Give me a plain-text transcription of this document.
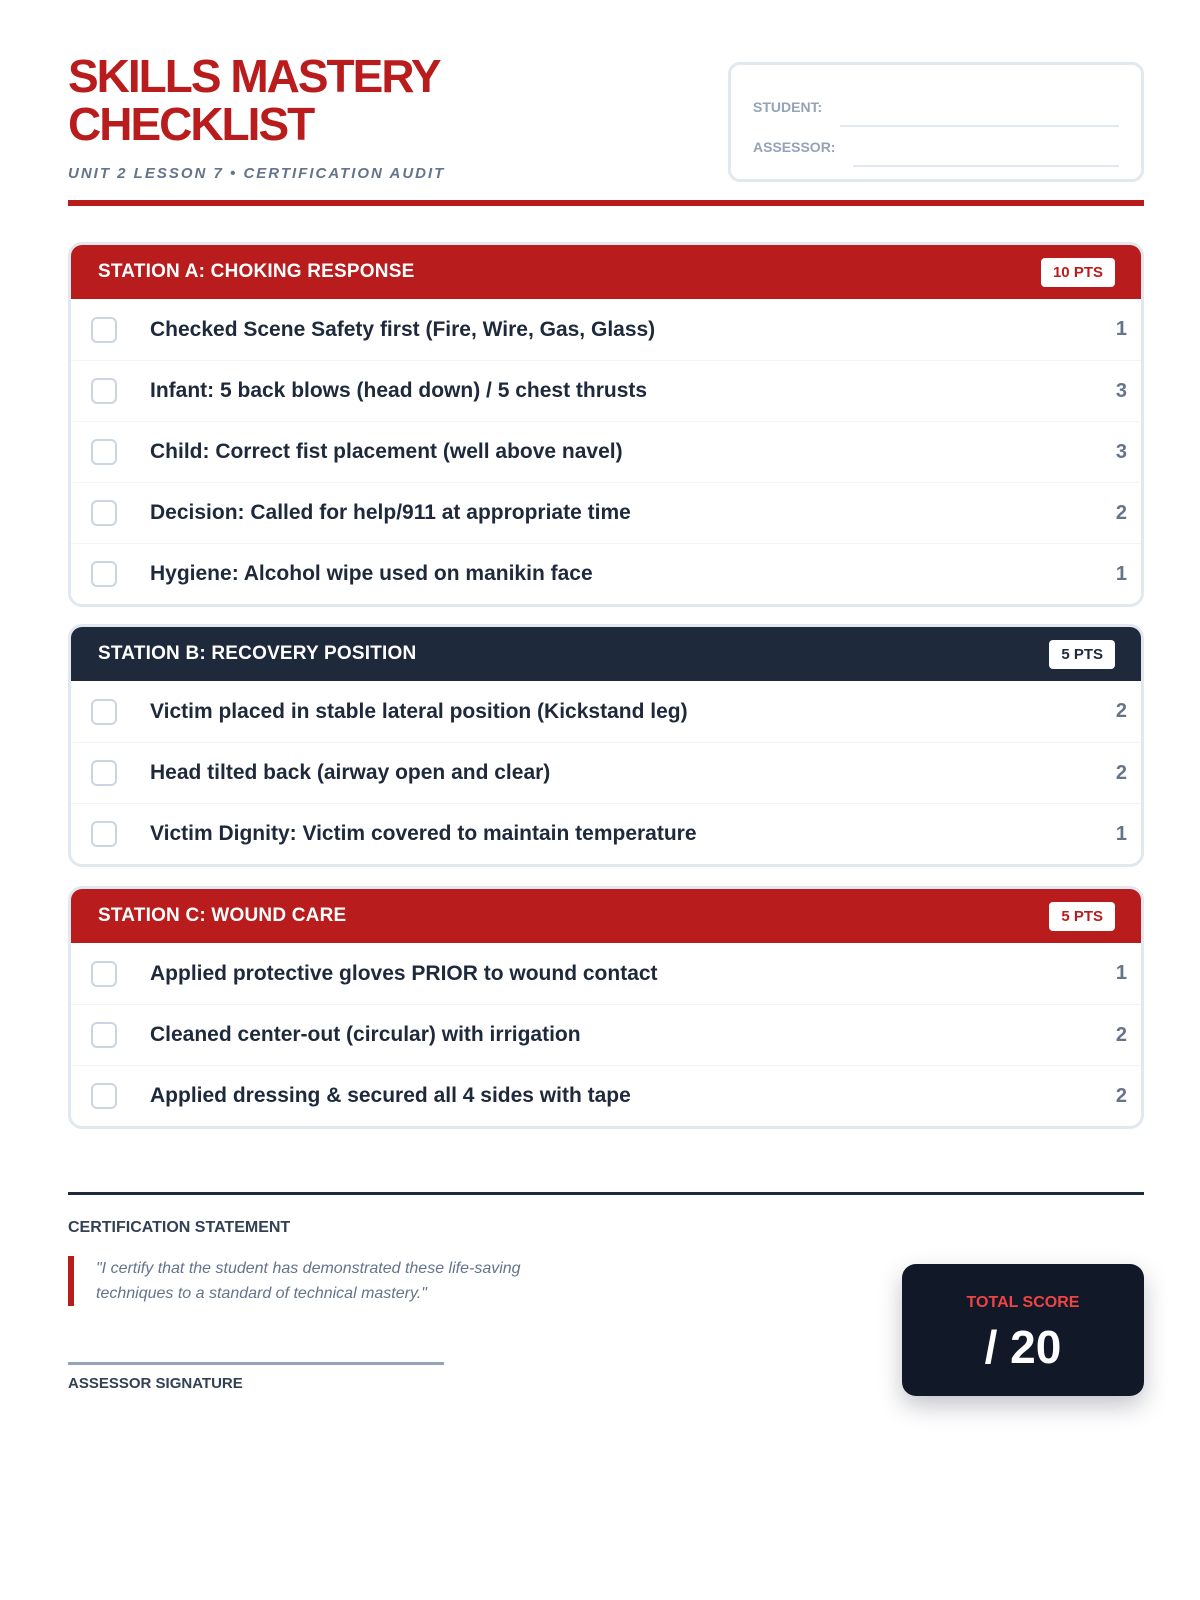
SKILLS MASTERY
CHECKLIST
UNIT 2 LESSON 7 • CERTIFICATION AUDIT
STUDENT:
ASSESSOR:
STATION A: CHOKING RESPONSE	10 PTS
Checked Scene Safety first (Fire, Wire, Gas, Glass)	1
Infant: 5 back blows (head down) / 5 chest thrusts	3
Child: Correct fist placement (well above navel)	3
Decision: Called for help/911 at appropriate time	2
Hygiene: Alcohol wipe used on manikin face	1
STATION B: RECOVERY POSITION	5 PTS
Victim placed in stable lateral position (Kickstand leg)	2
Head tilted back (airway open and clear)	2
Victim Dignity: Victim covered to maintain temperature	1
STATION C: WOUND CARE	5 PTS
Applied protective gloves PRIOR to wound contact	1
Cleaned center-out (circular) with irrigation	2
Applied dressing & secured all 4 sides with tape	2
CERTIFICATION STATEMENT
"I certify that the student has demonstrated these life-saving techniques to a standard of technical mastery."
ASSESSOR SIGNATURE
TOTAL SCORE
/ 20
